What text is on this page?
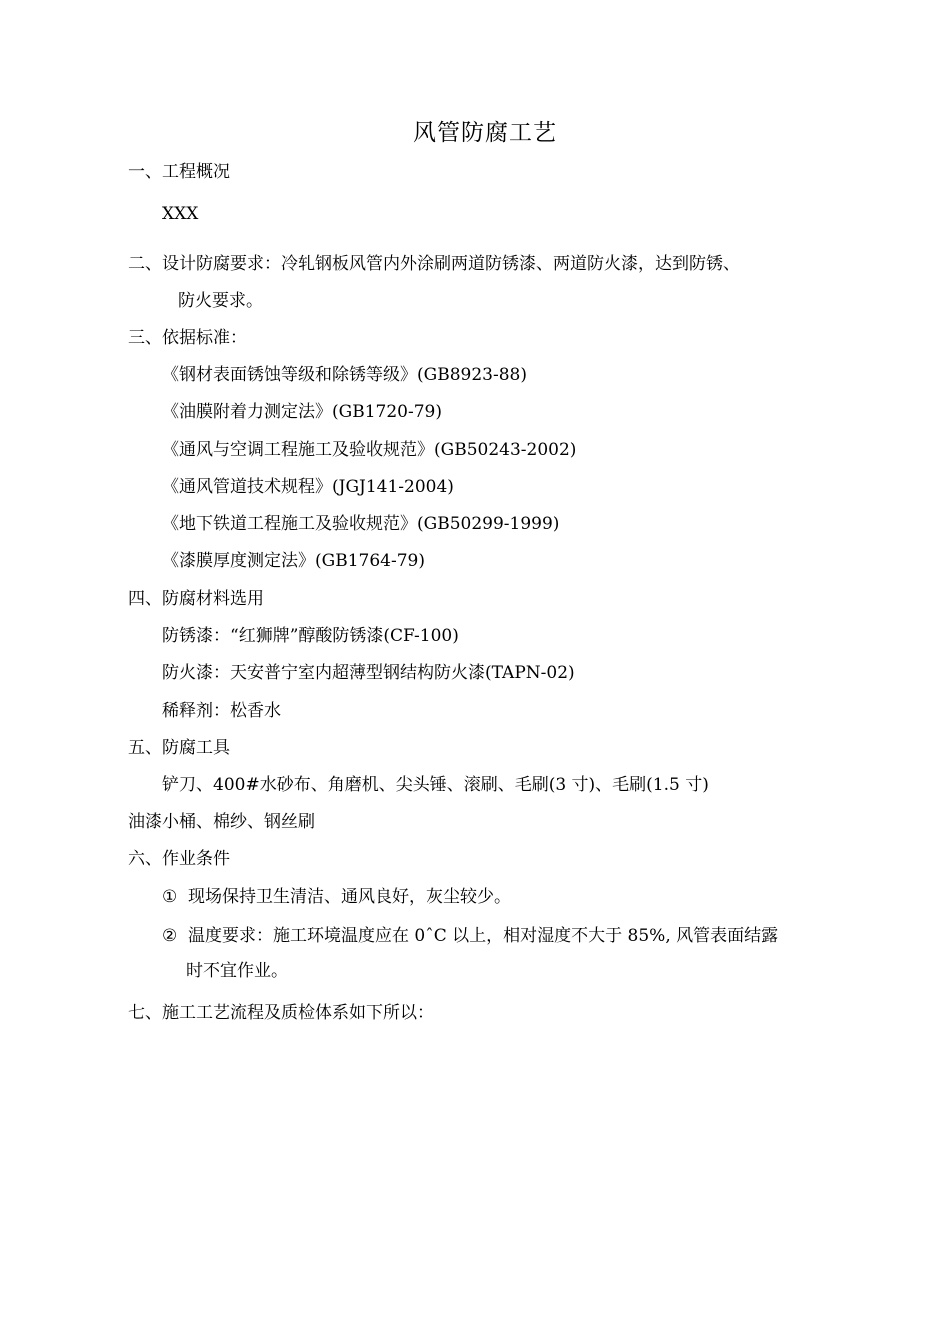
风管防腐工艺
一、工程概况
XXX
二、设计防腐要求：冷轧钢板风管内外涂刷两道防锈漆、两道防火漆，达到防锈、
防火要求。
三、依据标准：
《钢材表面锈蚀等级和除锈等级》(GB8923-88)
《油膜附着力测定法》(GB1720-79)
《通风与空调工程施工及验收规范》(GB50243-2002)
《通风管道技术规程》(JGJ141-2004)
《地下铁道工程施工及验收规范》(GB50299-1999)
《漆膜厚度测定法》(GB1764-79)
四、防腐材料选用
防锈漆：“红狮牌”醇酸防锈漆(CF-100)
防火漆：天安普宁室内超薄型钢结构防火漆(TAPN-02)
稀释剂：松香水
五、防腐工具
铲刀、400#水砂布、角磨机、尖头锤、滚刷、毛刷(3 寸)、毛刷(1.5 寸)
油漆小桶、棉纱、钢丝刷
六、作业条件
① 现场保持卫生清洁、通风良好，灰尘较少。
② 温度要求：施工环境温度应在 0ˆC 以上，相对湿度不大于 85%, 风管表面结露
时不宜作业。
七、施工工艺流程及质检体系如下所以：
